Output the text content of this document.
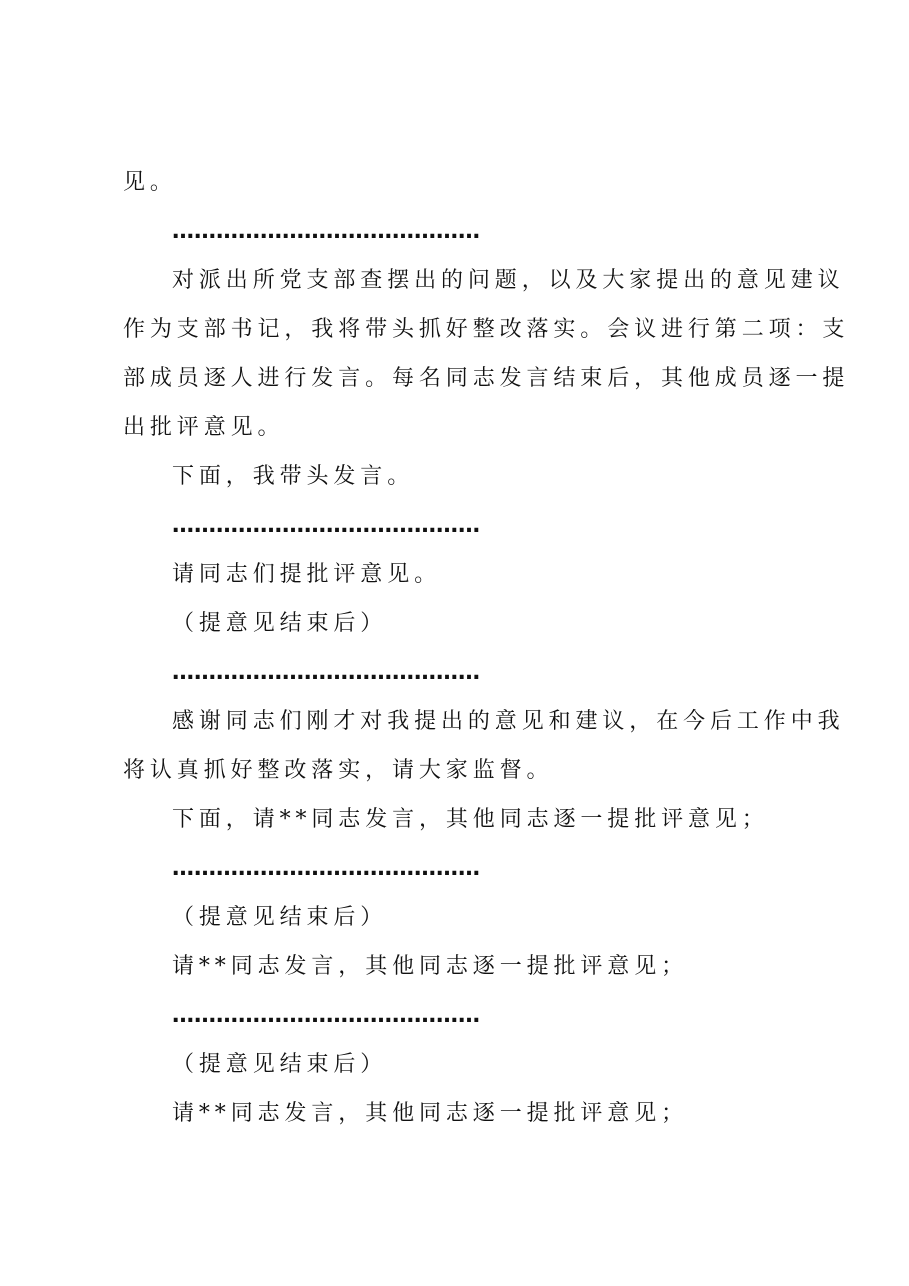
见。
……………………………………
对派出所党支部查摆出的问题，以及大家提出的意见建议
作为支部书记，我将带头抓好整改落实。会议进行第二项：支
部成员逐人进行发言。每名同志发言结束后，其他成员逐一提
出批评意见。
下面，我带头发言。
……………………………………
请同志们提批评意见。
（提意见结束后）
……………………………………
感谢同志们刚才对我提出的意见和建议，在今后工作中我
将认真抓好整改落实，请大家监督。
下面，请**同志发言，其他同志逐一提批评意见；
……………………………………
（提意见结束后）
请**同志发言，其他同志逐一提批评意见；
……………………………………
（提意见结束后）
请**同志发言，其他同志逐一提批评意见；
